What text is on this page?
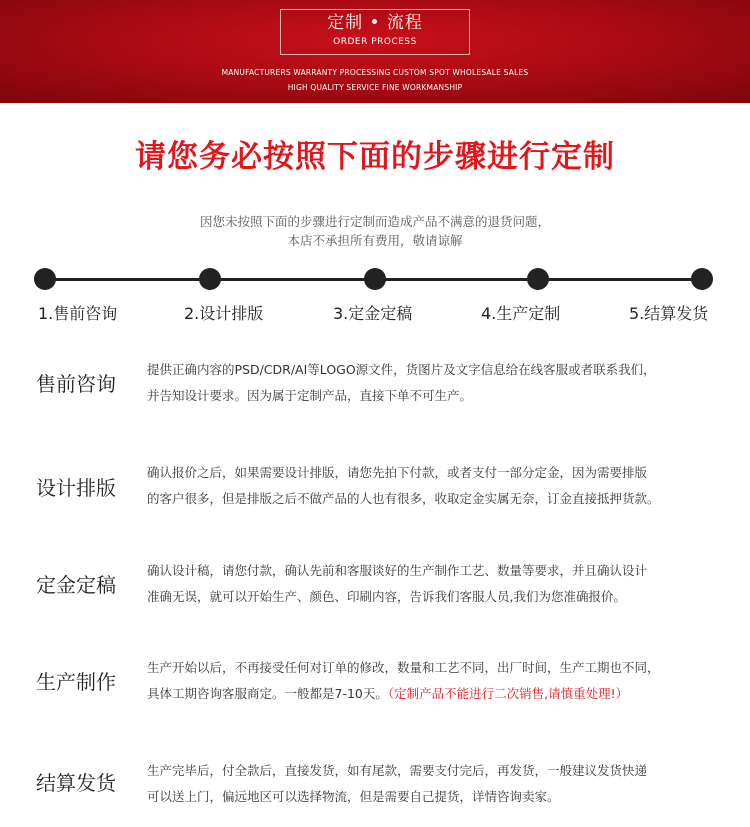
定制 • 流程
ORDER PROCESS
MANUFACTURERS WARRANTY PROCESSING CUSTOM SPOT WHOLESALE SALES
HIGH QUALITY SERVICE FINE WORKMANSHIP
请您务必按照下面的步骤进行定制
因您未按照下面的步骤进行定制而造成产品不满意的退货问题，
本店不承担所有费用，敬请谅解
1.售前咨询	2.设计排版	3.定金定稿	4.生产定制	5.结算发货
售前咨询
提供正确内容的PSD/CDR/AI等LOGO源文件，货图片及文字信息给在线客服或者联系我们，
并告知设计要求。因为属于定制产品，直接下单不可生产。
设计排版
确认报价之后，如果需要设计排版，请您先拍下付款，或者支付一部分定金，因为需要排版
的客户很多，但是排版之后不做产品的人也有很多，收取定金实属无奈，订金直接抵押货款。
定金定稿
确认设计稿，请您付款，确认先前和客服谈好的生产制作工艺、数量等要求，并且确认设计
准确无误，就可以开始生产、颜色、印刷内容，告诉我们客服人员,我们为您准确报价。
生产制作
生产开始以后，不再接受任何对订单的修改，数量和工艺不同，出厂时间，生产工期也不同，
具体工期咨询客服商定。一般都是7-10天。（定制产品不能进行二次销售,请慎重处理!）
结算发货
生产完毕后，付全款后，直接发货，如有尾款，需要支付完后，再发货，一般建议发货快递
可以送上门，偏远地区可以选择物流，但是需要自己提货，详情咨询卖家。
